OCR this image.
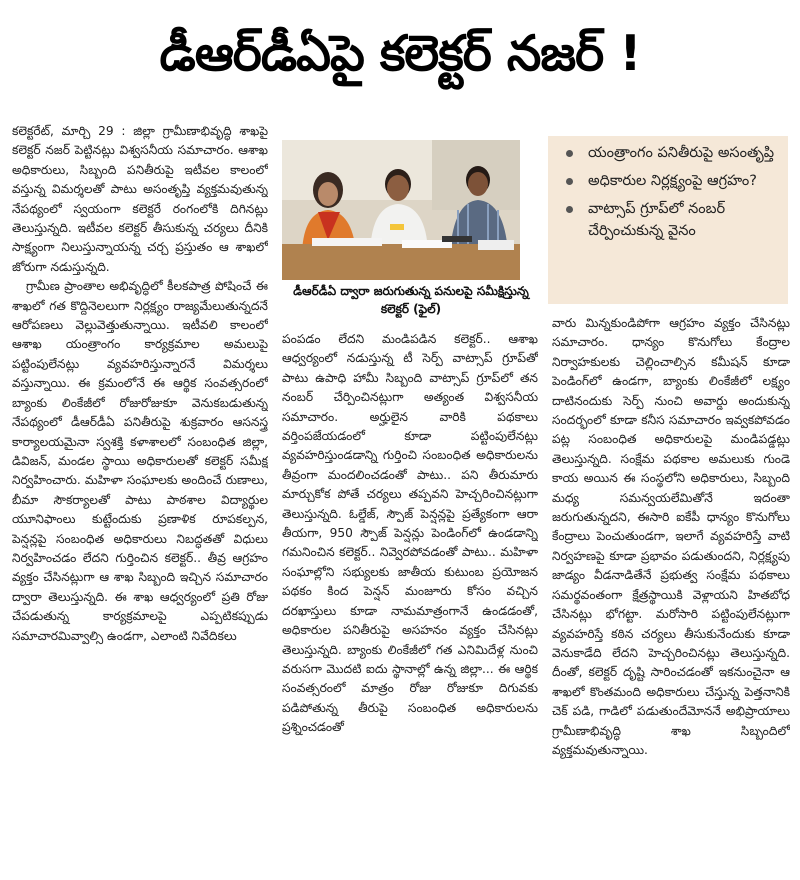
డీఆర్‌డీఏపై కలెక్టర్ నజర్ !

కలెక్టరేట్, మార్చి 29 : జిల్లా గ్రామీణాభివృద్ధి శాఖపై కలెక్టర్ నజర్ పెట్టినట్లు విశ్వసనీయ సమాచారం. ఆశాఖ అధికారులు, సిబ్బంది పనితీరుపై ఇటీవల కాలంలో వస్తున్న విమర్శలతో పాటు అసంతృప్తి వ్యక్తమవుతున్న నేపథ్యంలో స్వయంగా కలెక్టరే రంగంలోకి దిగినట్లు తెలుస్తున్నది. ఇటీవల కలెక్టర్ తీసుకున్న చర్యలు దీనికి సాక్ష్యంగా నిలుస్తున్నాయన్న చర్చ ప్రస్తుతం ఆ శాఖలో జోరుగా నడుస్తున్నది.

గ్రామీణ ప్రాంతాల అభివృద్ధిలో కీలకపాత్ర పోషించే ఈ శాఖలో గత కొద్దినెలలుగా నిర్లక్ష్యం రాజ్యమేలుతున్నదనే ఆరోపణలు వెల్లువెత్తుతున్నాయి. ఇటీవలి కాలంలో ఆశాఖ యంత్రాంగం కార్యక్రమాల అమలుపై పట్టింపులేనట్లు వ్యవహరిస్తున్నారనే విమర్శలు వస్తున్నాయి. ఈ క్రమంలోనే ఈ ఆర్థిక సంవత్సరంలో బ్యాంకు లింకేజీలో రోజురోజుకూ వెనుకబడుతున్న నేపథ్యంలో డీఆర్‌డీఏ పనితీరుపై శుక్రవారం ఆసనస్త్ర కార్యాలయమైనా స్వశక్తి కళాశాలలో సంబంధిత జిల్లా, డివిజన్, మండల స్థాయి అధికారులతో కలెక్టర్ సమీక్ష నిర్వహించారు. మహిళా సంఘాలకు అందించే రుణాలు, బీమా సౌకర్యాలతో పాటు పాఠశాల విద్యార్థుల యూనిఫాంలు కుట్టేందుకు ప్రణాళిక రూపకల్పన, పెన్షన్లపై సంబంధిత అధికారులు నిబద్ధతతో విధులు నిర్వహించడం లేదని గుర్తించిన కలెక్టర్.. తీవ్ర ఆగ్రహం వ్యక్తం చేసినట్లుగా ఆ శాఖ సిబ్బంది ఇచ్చిన సమాచారం ద్వారా తెలుస్తున్నది. ఈ శాఖ ఆధ్వర్యంలో ప్రతి రోజు చేపడుతున్న కార్యక్రమాలపై ఎప్పటికప్పుడు సమాచారమివ్వాల్సి ఉండగా, ఎలాంటి నివేదికలు

డీఆర్‌డీఏ ద్వారా జరుగుతున్న పనులపై సమీక్షిస్తున్న కలెక్టర్ (ఫైల్)
యంత్రాంగం పనితీరుపై అసంతృప్తి
అధికారుల నిర్లక్ష్యంపై ఆగ్రహం?
వాట్సాప్ గ్రూప్‌లో నంబర్ చేర్పించుకున్న వైనం

పంపడం లేదని మండిపడిన కలెక్టర్.. ఆశాఖ ఆధ్వర్యంలో నడుస్తున్న టీ సెర్ప్ వాట్సాప్ గ్రూప్‌తో పాటు ఉపాధి హామీ సిబ్బంది వాట్సాప్ గ్రూప్‌లో తన నంబర్ చేర్పించినట్లుగా అత్యంత విశ్వసనీయ సమాచారం. అర్హులైన వారికి పథకాలు వర్తింపజేయడంలో కూడా పట్టింపులేనట్లు వ్యవహరిస్తుండడాన్ని గుర్తించి సంబంధిత అధికారులను తీవ్రంగా మందలించడంతో పాటు.. పని తీరుమారు మార్చుకోక పోతే చర్యలు తప్పవని హెచ్చరించినట్లుగా తెలుస్తున్నది. ఓల్డేజ్, స్పౌజ్ పెన్షన్లపై ప్రత్యేకంగా ఆరా తీయగా, 950 స్పౌజ్ పెన్షన్లు పెండింగ్‌లో ఉండడాన్ని గమనించిన కలెక్టర్.. నివ్వెరపోవడంతో పాటు.. మహిళా సంఘాల్లోని సభ్యులకు జాతీయ కుటుంబ ప్రయోజన పథకం కింద పెన్షన్ మంజూరు కోసం వచ్చిన దరఖాస్తులు కూడా నామమాత్రంగానే ఉండడంతో, అధికారుల పనితీరుపై అసహనం వ్యక్తం చేసినట్లు తెలుస్తున్నది. బ్యాంకు లింకేజీలో గత ఎనిమిదేళ్ల నుంచి వరుసగా మొదటి ఐదు స్థానాల్లో ఉన్న జిల్లా... ఈ ఆర్థిక సంవత్సరంలో మాత్రం రోజు రోజుకూ దిగువకు పడిపోతున్న తీరుపై సంబంధిత అధికారులను ప్రశ్నించడంతో

వారు మిన్నకుండిపోగా ఆగ్రహం వ్యక్తం చేసినట్లు సమాచారం. ధాన్యం కొనుగోలు కేంద్రాల నిర్వాహకులకు చెల్లించాల్సిన కమీషన్ కూడా పెండింగ్‌లో ఉండగా, బ్యాంకు లింకేజీలో లక్ష్యం దాటినందుకు సెర్ప్ నుంచి అవార్డు అందుకున్న సందర్భంలో కూడా కనీస సమాచారం ఇవ్వకపోవడం పట్ల సంబంధిత అధికారులపై మండిపడ్డట్లు తెలుస్తున్నది. సంక్షేమ పథకాల అమలుకు గుండె కాయ అయిన ఈ సంస్థలోని అధికారులు, సిబ్బంది మధ్య సమన్వయలేమితోనే ఇదంతా జరుగుతున్నదని, ఈసారి ఐకేపీ ధాన్యం కొనుగోలు కేంద్రాలు పెంచుతుండగా, ఇలాగే వ్యవహరిస్తే వాటి నిర్వహణపై కూడా ప్రభావం పడుతుందని, నిర్లక్ష్యపు జాడ్యం వీడనాడితేనే ప్రభుత్వ సంక్షేమ పథకాలు సమర్థవంతంగా క్షేత్రస్థాయికి వెళ్లాయని హితబోధ చేసినట్లు భోగట్టా. మరోసారి పట్టింపులేనట్లుగా వ్యవహరిస్తే కఠిన చర్యలు తీసుకునేందుకు కూడా వెనుకాడేది లేదని హెచ్చరించినట్లు తెలుస్తున్నది. దీంతో, కలెక్టర్ దృష్టి సారించడంతో ఇకనుంచైనా ఆ శాఖలో కొంతమంది అధికారులు చేస్తున్న పెత్తనానికి చెక్ పడి, గాడిలో పడుతుందేమోననే అభిప్రాయాలు గ్రామీణాభివృద్ధి శాఖ సిబ్బందిలో వ్యక్తమవుతున్నాయి.
